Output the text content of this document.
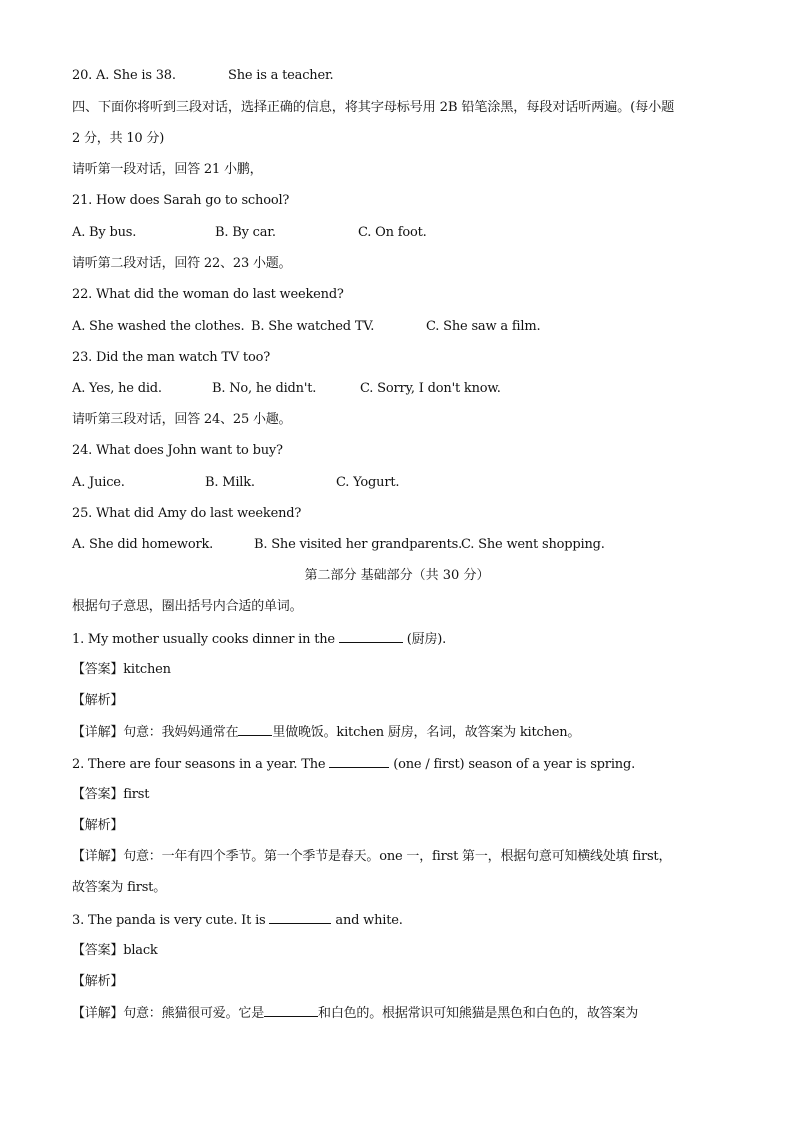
20. A. She is 38.	She is a teacher.
四、下面你将听到三段对话，选择正确的信息，将其字母标号用 2B 铅笔涂黑，每段对话听两遍。(每小题
2 分，共 10 分)
请听第一段对话，回答 21 小鹏，
21. How does Sarah go to school?
A. By bus.	B. By car.	C. On foot.
请听第二段对话，回符 22、23 小题。
22. What did the woman do last weekend?
A. She washed the clothes. B. She watched TV.	C. She saw a film.
23. Did the man watch TV too?
A. Yes, he did.	B. No, he didn't.	C. Sorry, I don't know.
请听第三段对话，回答 24、25 小趣。
24. What does John want to buy?
A. Juice.	B. Milk.	C. Yogurt.
25. What did Amy do last weekend?
A. She did homework.	B. She visited her grandparents. C. She went shopping.
第二部分 基础部分（共 30 分）
根据句子意思，圈出括号内合适的单词。
1. My mother usually cooks dinner in the	(厨房).
【答案】kitchen
【解析】
【详解】句意：我妈妈通常在	里做晚饭。kitchen 厨房，名词，故答案为 kitchen。
2. There are four seasons in a year. The	(one / first) season of a year is spring.
【答案】first
【解析】
【详解】句意：一年有四个季节。第一个季节是春天。one 一，first 第一，根据句意可知横线处填 first，
故答案为 first。
3. The panda is very cute. It is	and white.
【答案】black
【解析】
【详解】句意：熊猫很可爱。它是	和白色的。根据常识可知熊猫是黑色和白色的，故答案为
